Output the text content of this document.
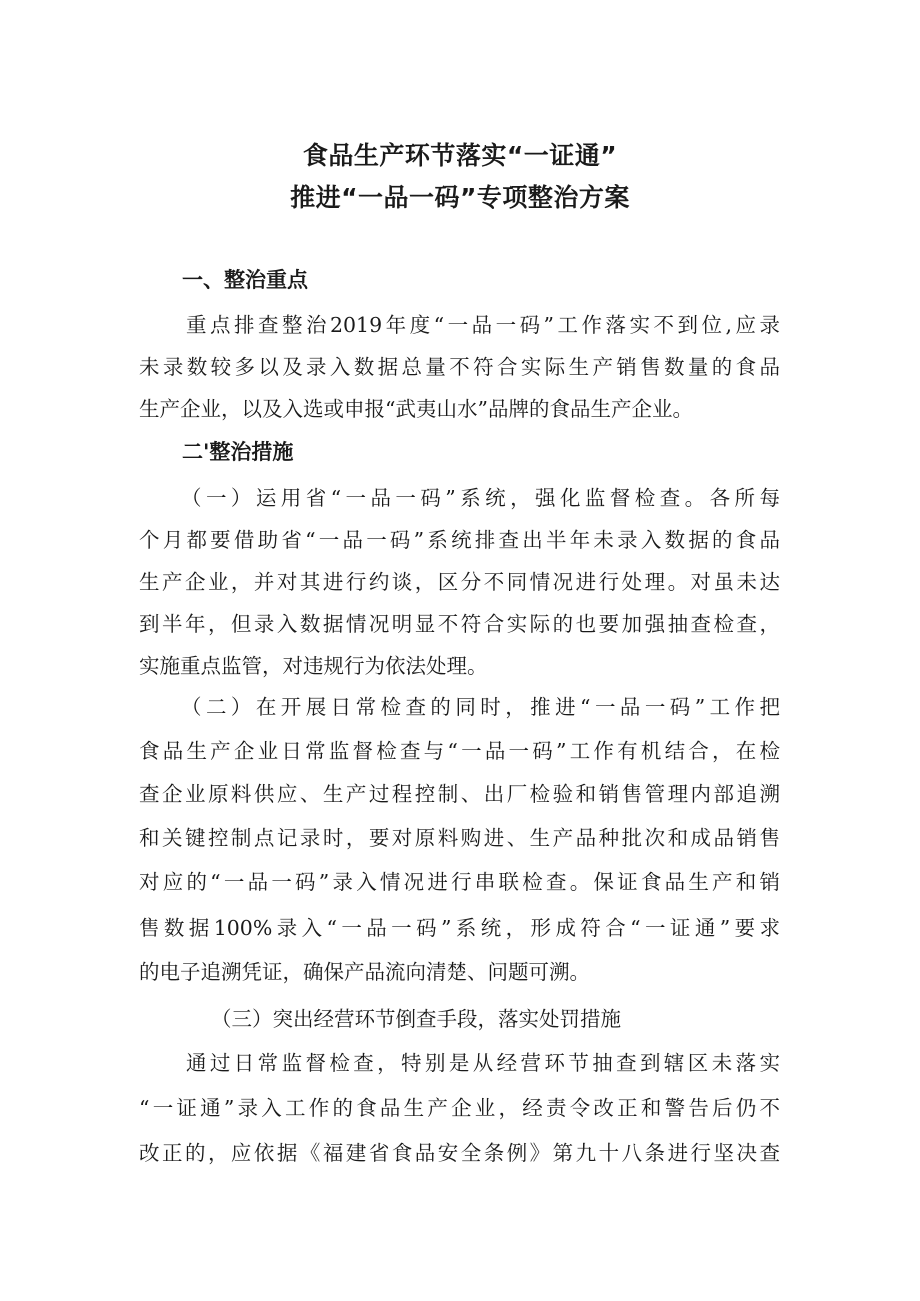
食品生产环节落实“一证通”
推进“一品一码”专项整治方案
一、整治重点
重点排查整治2019年度“一品一码”工作落实不到位,应录
未录数较多以及录入数据总量不符合实际生产销售数量的食品
生产企业，以及入选或申报“武夷山水”品牌的食品生产企业。
二'整治措施
（一）运用省“一品一码”系统，强化监督检查。各所每
个月都要借助省“一品一码”系统排查出半年未录入数据的食品
生产企业，并对其进行约谈，区分不同情况进行处理。对虽未达
到半年，但录入数据情况明显不符合实际的也要加强抽查检查，
实施重点监管，对违规行为依法处理。
（二）在开展日常检查的同时，推进“一品一码”工作把
食品生产企业日常监督检查与“一品一码”工作有机结合，在检
查企业原料供应、生产过程控制、出厂检验和销售管理内部追溯
和关键控制点记录时，要对原料购进、生产品种批次和成品销售
对应的“一品一码”录入情况进行串联检查。保证食品生产和销
售数据100%录入“一品一码”系统，形成符合“一证通”要求
的电子追溯凭证，确保产品流向清楚、问题可溯。
（三）突出经营环节倒查手段，落实处罚措施
通过日常监督检查，特别是从经营环节抽查到辖区未落实
“一证通”录入工作的食品生产企业，经责令改正和警告后仍不
改正的，应依据《福建省食品安全条例》第九十八条进行坚决查
